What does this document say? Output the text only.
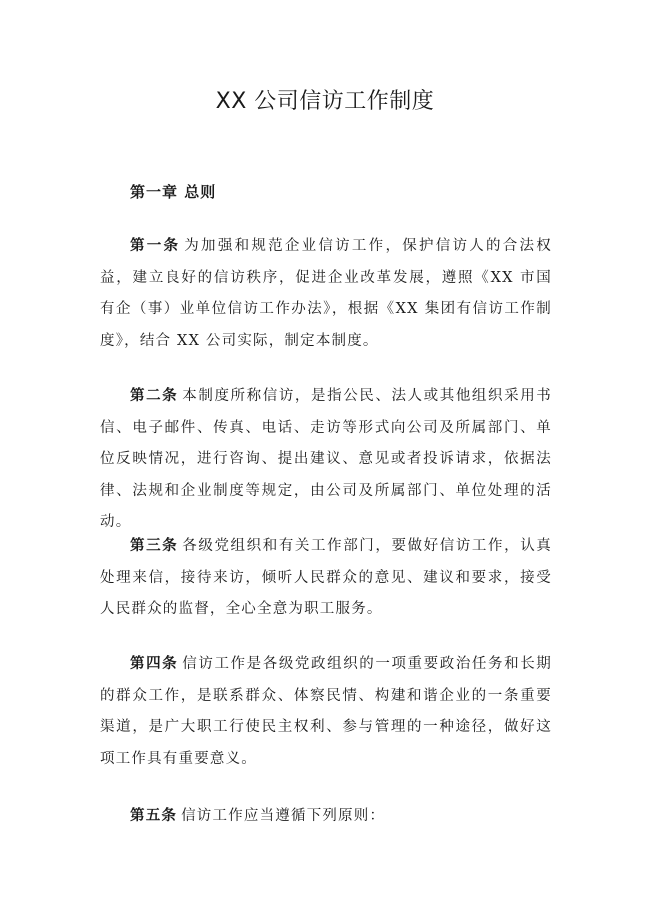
XX 公司信访工作制度
第一章 总则

第一条 为加强和规范企业信访工作，保护信访人的合法权益，建立良好的信访秩序，促进企业改革发展，遵照《XX 市国有企（事）业单位信访工作办法》，根据《XX 集团有信访工作制度》，结合 XX 公司实际，制定本制度。

第二条 本制度所称信访，是指公民、法人或其他组织采用书信、电子邮件、传真、电话、走访等形式向公司及所属部门、单位反映情况，进行咨询、提出建议、意见或者投诉请求，依据法律、法规和企业制度等规定，由公司及所属部门、单位处理的活动。

第三条 各级党组织和有关工作部门，要做好信访工作，认真处理来信，接待来访，倾听人民群众的意见、建议和要求，接受人民群众的监督，全心全意为职工服务。

第四条 信访工作是各级党政组织的一项重要政治任务和长期的群众工作，是联系群众、体察民情、构建和谐企业的一条重要渠道，是广大职工行使民主权利、参与管理的一种途径，做好这项工作具有重要意义。

第五条 信访工作应当遵循下列原则：
